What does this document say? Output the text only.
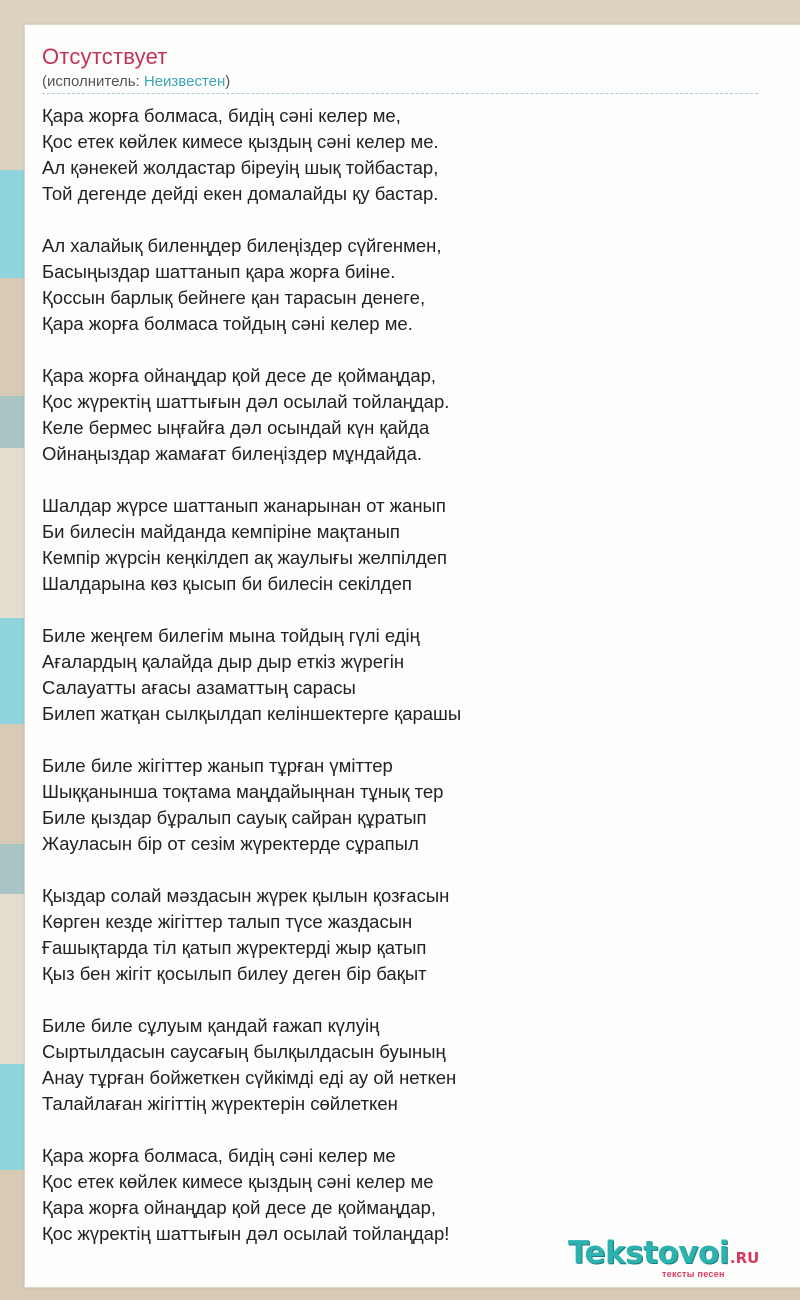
Отсутствует
(исполнитель: Неизвестен)
Қара жорға болмаса, бидің сәні келер ме,
Қос етек көйлек кимесе қыздың сәні келер ме.
Ал қәнекей жолдастар біреуің шық тойбастар,
Той дегенде дейді екен домалайды қу бастар.
Ал халайық биленңдер билеңіздер сүйгенмен,
Басыңыздар шаттанып қара жорға биіне.
Қоссын барлық бейнеге қан тарасын денеге,
Қара жорға болмаса тойдың сәні келер ме.
Қара жорға ойнаңдар қой десе де қоймаңдар,
Қос жүректің шаттығын дәл осылай тойлаңдар.
Келе бермес ыңғайға дәл осындай күн қайда
Ойнаңыздар жамағат билеңіздер мұндайда.
Шалдар жүрсе шаттанып жанарынан от жанып
Би билесін майданда кемпіріне мақтанып
Кемпір жүрсін кеңкілдеп ақ жаулығы желпілдеп
Шалдарына көз қысып би билесін секілдеп
Биле жеңгем билегім мына тойдың гүлі едің
Ағалардың қалайда дыр дыр еткіз жүрегін
Салауатты ағасы азаматтың сарасы
Билеп жатқан сылқылдап келіншектерге қарашы
Биле биле жігіттер жанып тұрған үміттер
Шыққанынша тоқтама маңдайыңнан тұнық тер
Биле қыздар бұралып сауық сайран құратып
Жауласын бір от сезім жүректерде сұрапыл
Қыздар солай мәздасын жүрек қылын қозғасын
Көрген кезде жігіттер талып түсе жаздасын
Ғашықтарда тіл қатып жүректерді жыр қатып
Қыз бен жігіт қосылып билеу деген бір бақыт
Биле биле сұлуым қандай ғажап күлуің
Сыртылдасын саусағың былқылдасын буының
Анау тұрған бойжеткен сүйкімді еді ау ой неткен
Талайлаған жігіттің жүректерін сөйлеткен
Қара жорға болмаса, бидің сәні келер ме
Қос етек көйлек кимесе қыздың сәні келер ме
Қара жорға ойнаңдар қой десе де қоймаңдар,
Қос жүректің шаттығын дәл осылай тойлаңдар!
Tekstovoi.RU
тексты песен
